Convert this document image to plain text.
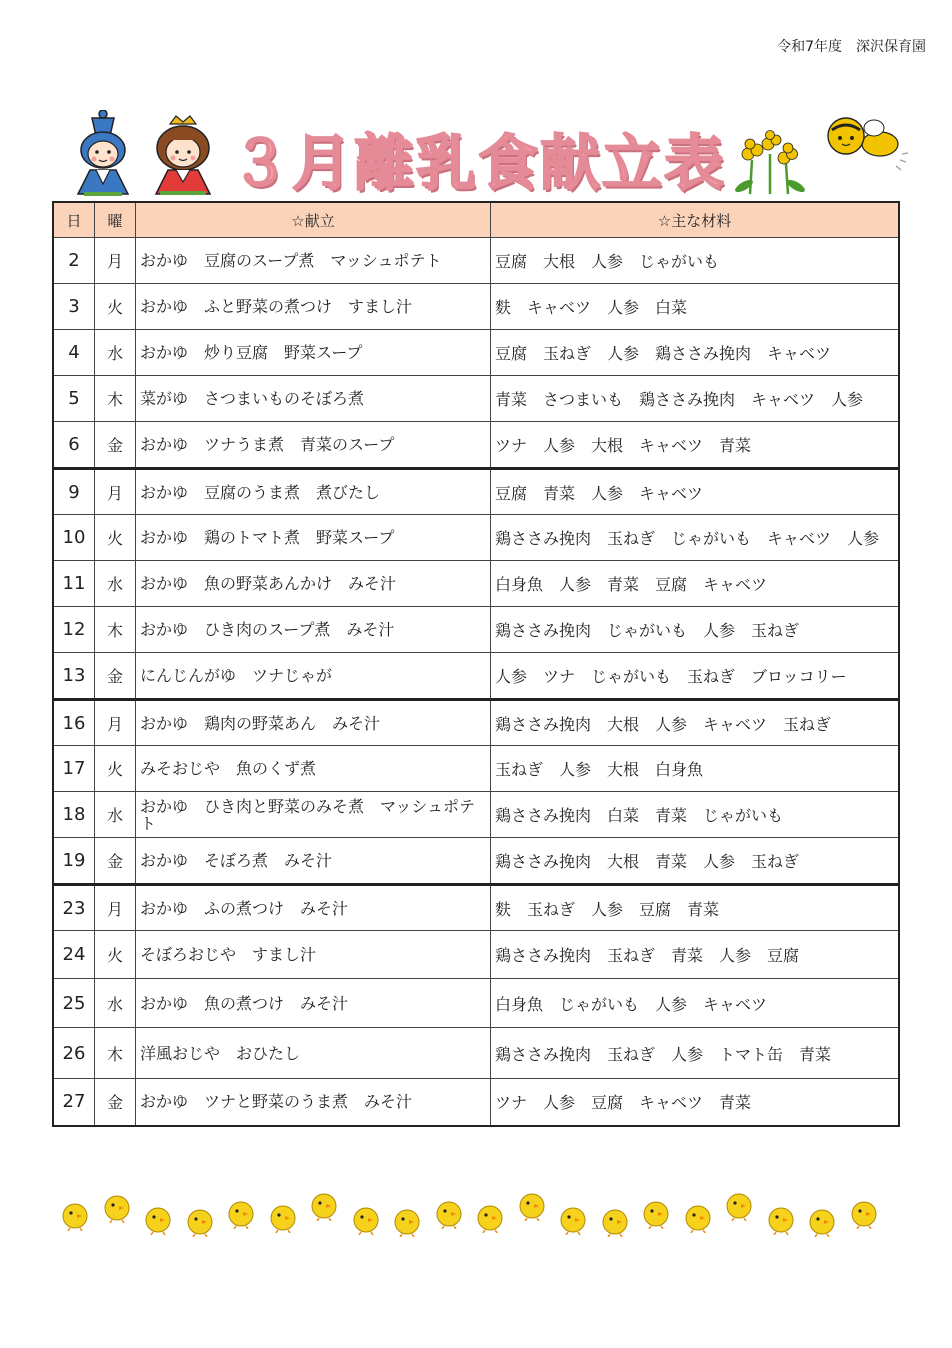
令和7年度　深沢保育園
３月離乳食献立表
日	曜	☆献立	☆主な材料
2	月	おかゆ　豆腐のスープ煮　マッシュポテト	豆腐　大根　人参　じゃがいも
3	火	おかゆ　ふと野菜の煮つけ　すまし汁	麩　キャベツ　人参　白菜
4	水	おかゆ　炒り豆腐　野菜スープ	豆腐　玉ねぎ　人参　鶏ささみ挽肉　キャベツ
5	木	菜がゆ　さつまいものそぼろ煮	青菜　さつまいも　鶏ささみ挽肉　キャベツ　人参
6	金	おかゆ　ツナうま煮　青菜のスープ	ツナ　人参　大根　キャベツ　青菜
9	月	おかゆ　豆腐のうま煮　煮びたし	豆腐　青菜　人参　キャベツ
10	火	おかゆ　鶏のトマト煮　野菜スープ	鶏ささみ挽肉　玉ねぎ　じゃがいも　キャベツ　人参
11	水	おかゆ　魚の野菜あんかけ　みそ汁	白身魚　人参　青菜　豆腐　キャベツ
12	木	おかゆ　ひき肉のスープ煮　みそ汁	鶏ささみ挽肉　じゃがいも　人参　玉ねぎ
13	金	にんじんがゆ　ツナじゃが	人参　ツナ　じゃがいも　玉ねぎ　ブロッコリー
16	月	おかゆ　鶏肉の野菜あん　みそ汁	鶏ささみ挽肉　大根　人参　キャベツ　玉ねぎ
17	火	みそおじや　魚のくず煮	玉ねぎ　人参　大根　白身魚
18	水	おかゆ　ひき肉と野菜のみそ煮　マッシュポテト	鶏ささみ挽肉　白菜　青菜　じゃがいも
19	金	おかゆ　そぼろ煮　みそ汁	鶏ささみ挽肉　大根　青菜　人参　玉ねぎ
23	月	おかゆ　ふの煮つけ　みそ汁	麩　玉ねぎ　人参　豆腐　青菜
24	火	そぼろおじや　すまし汁	鶏ささみ挽肉　玉ねぎ　青菜　人参　豆腐
25	水	おかゆ　魚の煮つけ　みそ汁	白身魚　じゃがいも　人参　キャベツ
26	木	洋風おじや　おひたし	鶏ささみ挽肉　玉ねぎ　人参　トマト缶　青菜
27	金	おかゆ　ツナと野菜のうま煮　みそ汁	ツナ　人参　豆腐　キャベツ　青菜
